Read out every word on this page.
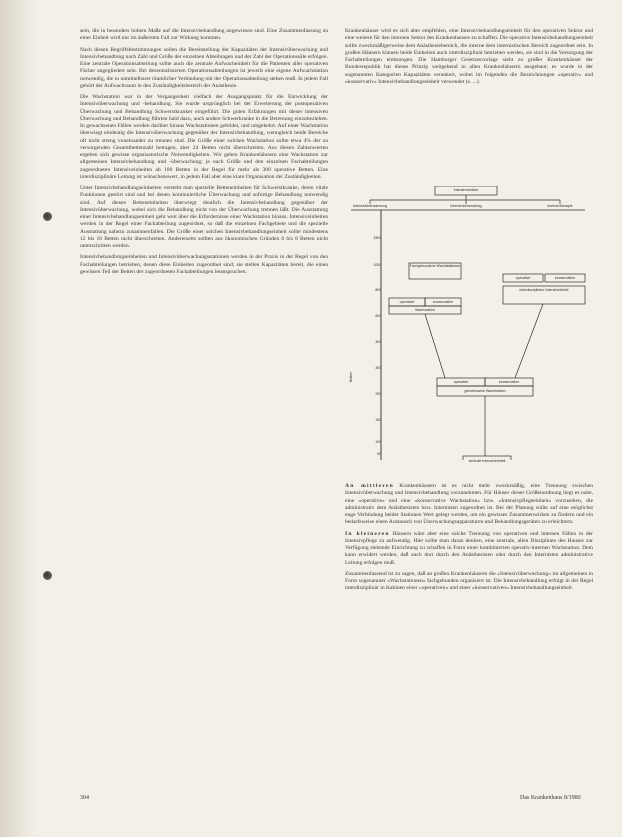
sein, die in besonders hohem Maße auf die Intensivbehandlung angewiesen sind. Eine Zusammenfassung zu einer Einheit wird nur im äußersten Fall zur Wirkung kommen.

Nach diesen Begriffsbestimmungen sollen die Bereitstellung der Kapazitäten der Intensivüberwachung und Intensivbehandlung nach Zahl und Größe der einzelnen Abteilungen und der Zahl der Operationssäle erfolgen. Eine zentrale Operationsabteilung sollte auch die zentrale Aufwacheinheit für die Patienten aller operativen Fächer angegliedert sein. Bei dezentralisierten Operationsabteilungen ist jeweils eine eigene Aufwachstation notwendig, die in unmittelbarer räumlicher Verbindung mit der Operationsabteilung stehen muß. In jedem Fall gehört der Aufwachraum in den Zuständigkeitsbereich der Anästhesie.

Die Wachstation war in der Vergangenheit vielfach der Ausgangspunkt für die Entwicklung der Intensivüberwachung und -behandlung. Sie wurde ursprünglich bei der Erweiterung der postoperativen Überwachung und Behandlung Schwerstkranker eingeführt. Die guten Erfahrungen mit dieser intensiven Überwachung und Behandlung führten bald dazu, auch andere Schwerkranke in die Betreuung einzubeziehen. In gewachsenen Fällen werden darüber hinaus Wachstationen gebildet, und umgekehrt. Auf einer Wachstation überwiegt eindeutig die Intensivüberwachung gegenüber der Intensivbehandlung, wenngleich beide Bereiche oft nicht streng voneinander zu trennen sind. Die Größe einer solchen Wachstation sollte etwa 4% der zu versorgenden Gesamtbettenzahl betragen, aber 24 Betten nicht überschreiten. Aus diesen Zahlenwerten ergeben sich gewisse organisatorische Notwendigkeiten. Wir gehen Krankenhäusern eine Wachstation zur allgemeinen Intensivbehandlung und -überwachung; je nach Größe und den einzelnen Fachabteilungen zugeordneten Intensiveinheiten ab 100 Betten in der Regel für mehr als 300 operative Betten. Eine interdisziplinäre Leitung ist wünschenswert, in jedem Fall aber eine klare Organisation der Zuständigkeiten.

Unter Intensivbehandlungseinheiten versteht man spezielle Betteneinheiten für Schwerstkranke, deren vitale Funktionen gestört sind und bei denen kontinuierliche Überwachung und sofortige Behandlung notwendig sind. Auf diesen Betteneinheiten überwiegt deutlich die Intensivbehandlung gegenüber der Intensivüberwachung, wobei sich die Behandlung nicht von der Überwachung trennen läßt. Die Ausstattung einer Intensivbehandlungseinheit geht weit über die Erfordernisse einer Wachstation hinaus. Intensiveinheiten werden in der Regel einer Fachabteilung zugeordnet, so daß die einzelnen Fachgebiete und die spezielle Ausstattung nahezu zusammenfallen. Die Größe einer solchen Intensivbehandlungseinheit sollte mindestens 12 bis 16 Betten nicht überschreiten. Andererseits sollten aus ökonomischen Gründen 6 bis 8 Betten nicht unterschritten werden.

Intensivbehandlungseinheiten und Intensivüberwachungsstationen werden in der Praxis in der Regel von den Fachabteilungen betrieben, denen diese Einheiten zugeordnet sind; sie stellen Kapazitäten bereit, die einen gewissen Teil der Betten der zugeordneten Fachabteilungen beanspruchen.

Krankenhäuser wird es sich aber empfehlen, eine Intensivbehandlungseinheit für den operativen Sektor und eine weitere für den internen Sektor des Krankenhauses zu schaffen. Die operative Intensivbehandlungseinheit sollte zweckmäßigerweise dem Anästhesiebereich, die interne dem internistischen Bereich zugeordnet sein. In großen Häusern können beide Einheiten auch interdisziplinär betrieben werden, sie sind in die Versorgung der Fachabteilungen einbezogen. Die Hamburger Gesetzesvorlage sieht zu großer Krankenhäuser der Bundesrepublik hat dieses Prinzip weitgehend in allen Krankenhäusern ausgebaut; es wurde in der sogenannten Kategorien Kapazitäten verankert, wobei im folgenden die Bezeichnungen »operativ« und »konservativ« Intensivbehandlungseinheit verwendet (s. ...).

An mittleren Krankenhäusern ist es nicht mehr zweckmäßig, eine Trennung zwischen Intensivüberwachung und Intensivbehandlung vorzunehmen. Für Häuser dieser Größenordnung liegt es nahe, eine »operative« und eine »konservative Wachstation« bzw. »Intensivpflegeeinheit« vorzusehen, die administrativ dem Anästhesisten bzw. Internisten zugeordnet ist. Bei der Planung sollte auf eine möglichst enge Verbindung beider Stationen Wert gelegt werden, um ein gewisses Zusammenwirken zu fördern und ein bedarfsweise einen Austausch von Überwachungsapparaturen und Behandlungsgeräten zu erleichtern.

In kleineren Häusern wäre aber eine solche Trennung von operativen und internen Fällen in der Intensivpflege zu aufwendig. Hier sollte man daran denken, eine zentrale, allen Disziplinen des Hauses zur Verfügung stehende Einrichtung zu schaffen in Form einer kombinierten operativ-internen Wachstation. Dem kann erwidert werden, daß auch dort durch den Anästhesisten oder durch den Internisten administrative Leitung erfolgen muß.

Zusammenfassend ist zu sagen, daß an großen Krankenhäusern die »Intensivüberwachung« im allgemeinen in Form sogenannter »Wachstationen« fachgebunden organisiert ist. Die Intensivbehandlung erfolgt in der Regel interdisziplinär in Kabinen einer »operativen« und einer »konservativen« Intensivbehandlungseinheit.

Intensivmedizin
Intensivüberwachung	Intensivbehandlung	Intensivtherapie
1500
1000
800
600
400
300
200
150
100
50
Betten
Fachgebundene Wachstationen
operative	konservative
interdisziplinäre Intensiveinheit
operative	konservative
Wachstation
operative	konservative
gemeinsame Wachstation
zentrale Intensiveinheit
304	Das Krankenhaus 8/1980
